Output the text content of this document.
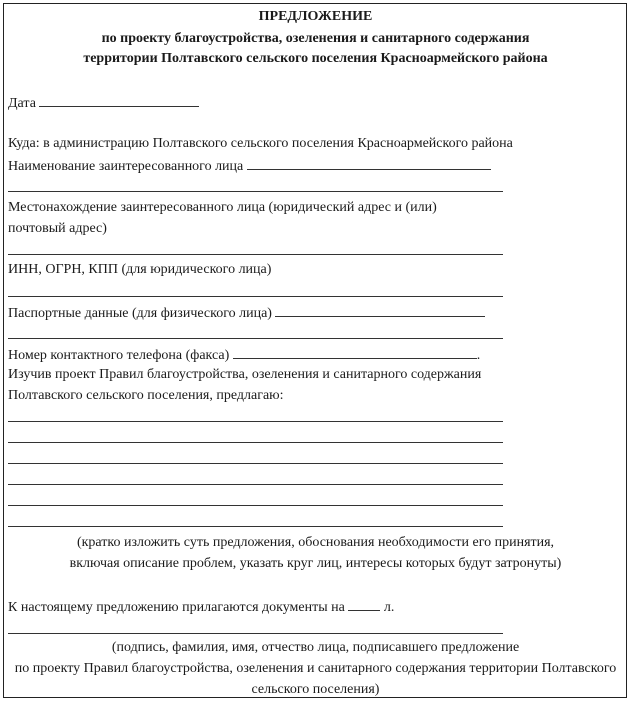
ПРЕДЛОЖЕНИЕ
по проекту благоустройства, озеленения и санитарного содержания
территории Полтавского сельского поселения Красноармейского района
Дата
Куда: в администрацию Полтавского сельского поселения Красноармейского района
Наименование заинтересованного лица
Местонахождение заинтересованного лица (юридический адрес и (или)
почтовый адрес)
ИНН, ОГРН, КПП (для юридического лица)
Паспортные данные (для физического лица)
Номер контактного телефона (факса)	.
Изучив проект Правил благоустройства, озеленения и санитарного содержания
Полтавского сельского поселения, предлагаю:
(кратко изложить суть предложения, обоснования необходимости его принятия,
включая описание проблем, указать круг лиц, интересы которых будут затронуты)
К настоящему предложению прилагаются документы на	л.
(подпись, фамилия, имя, отчество лица, подписавшего предложение
по проекту Правил благоустройства, озеленения и санитарного содержания территории Полтавского
сельского поселения)
